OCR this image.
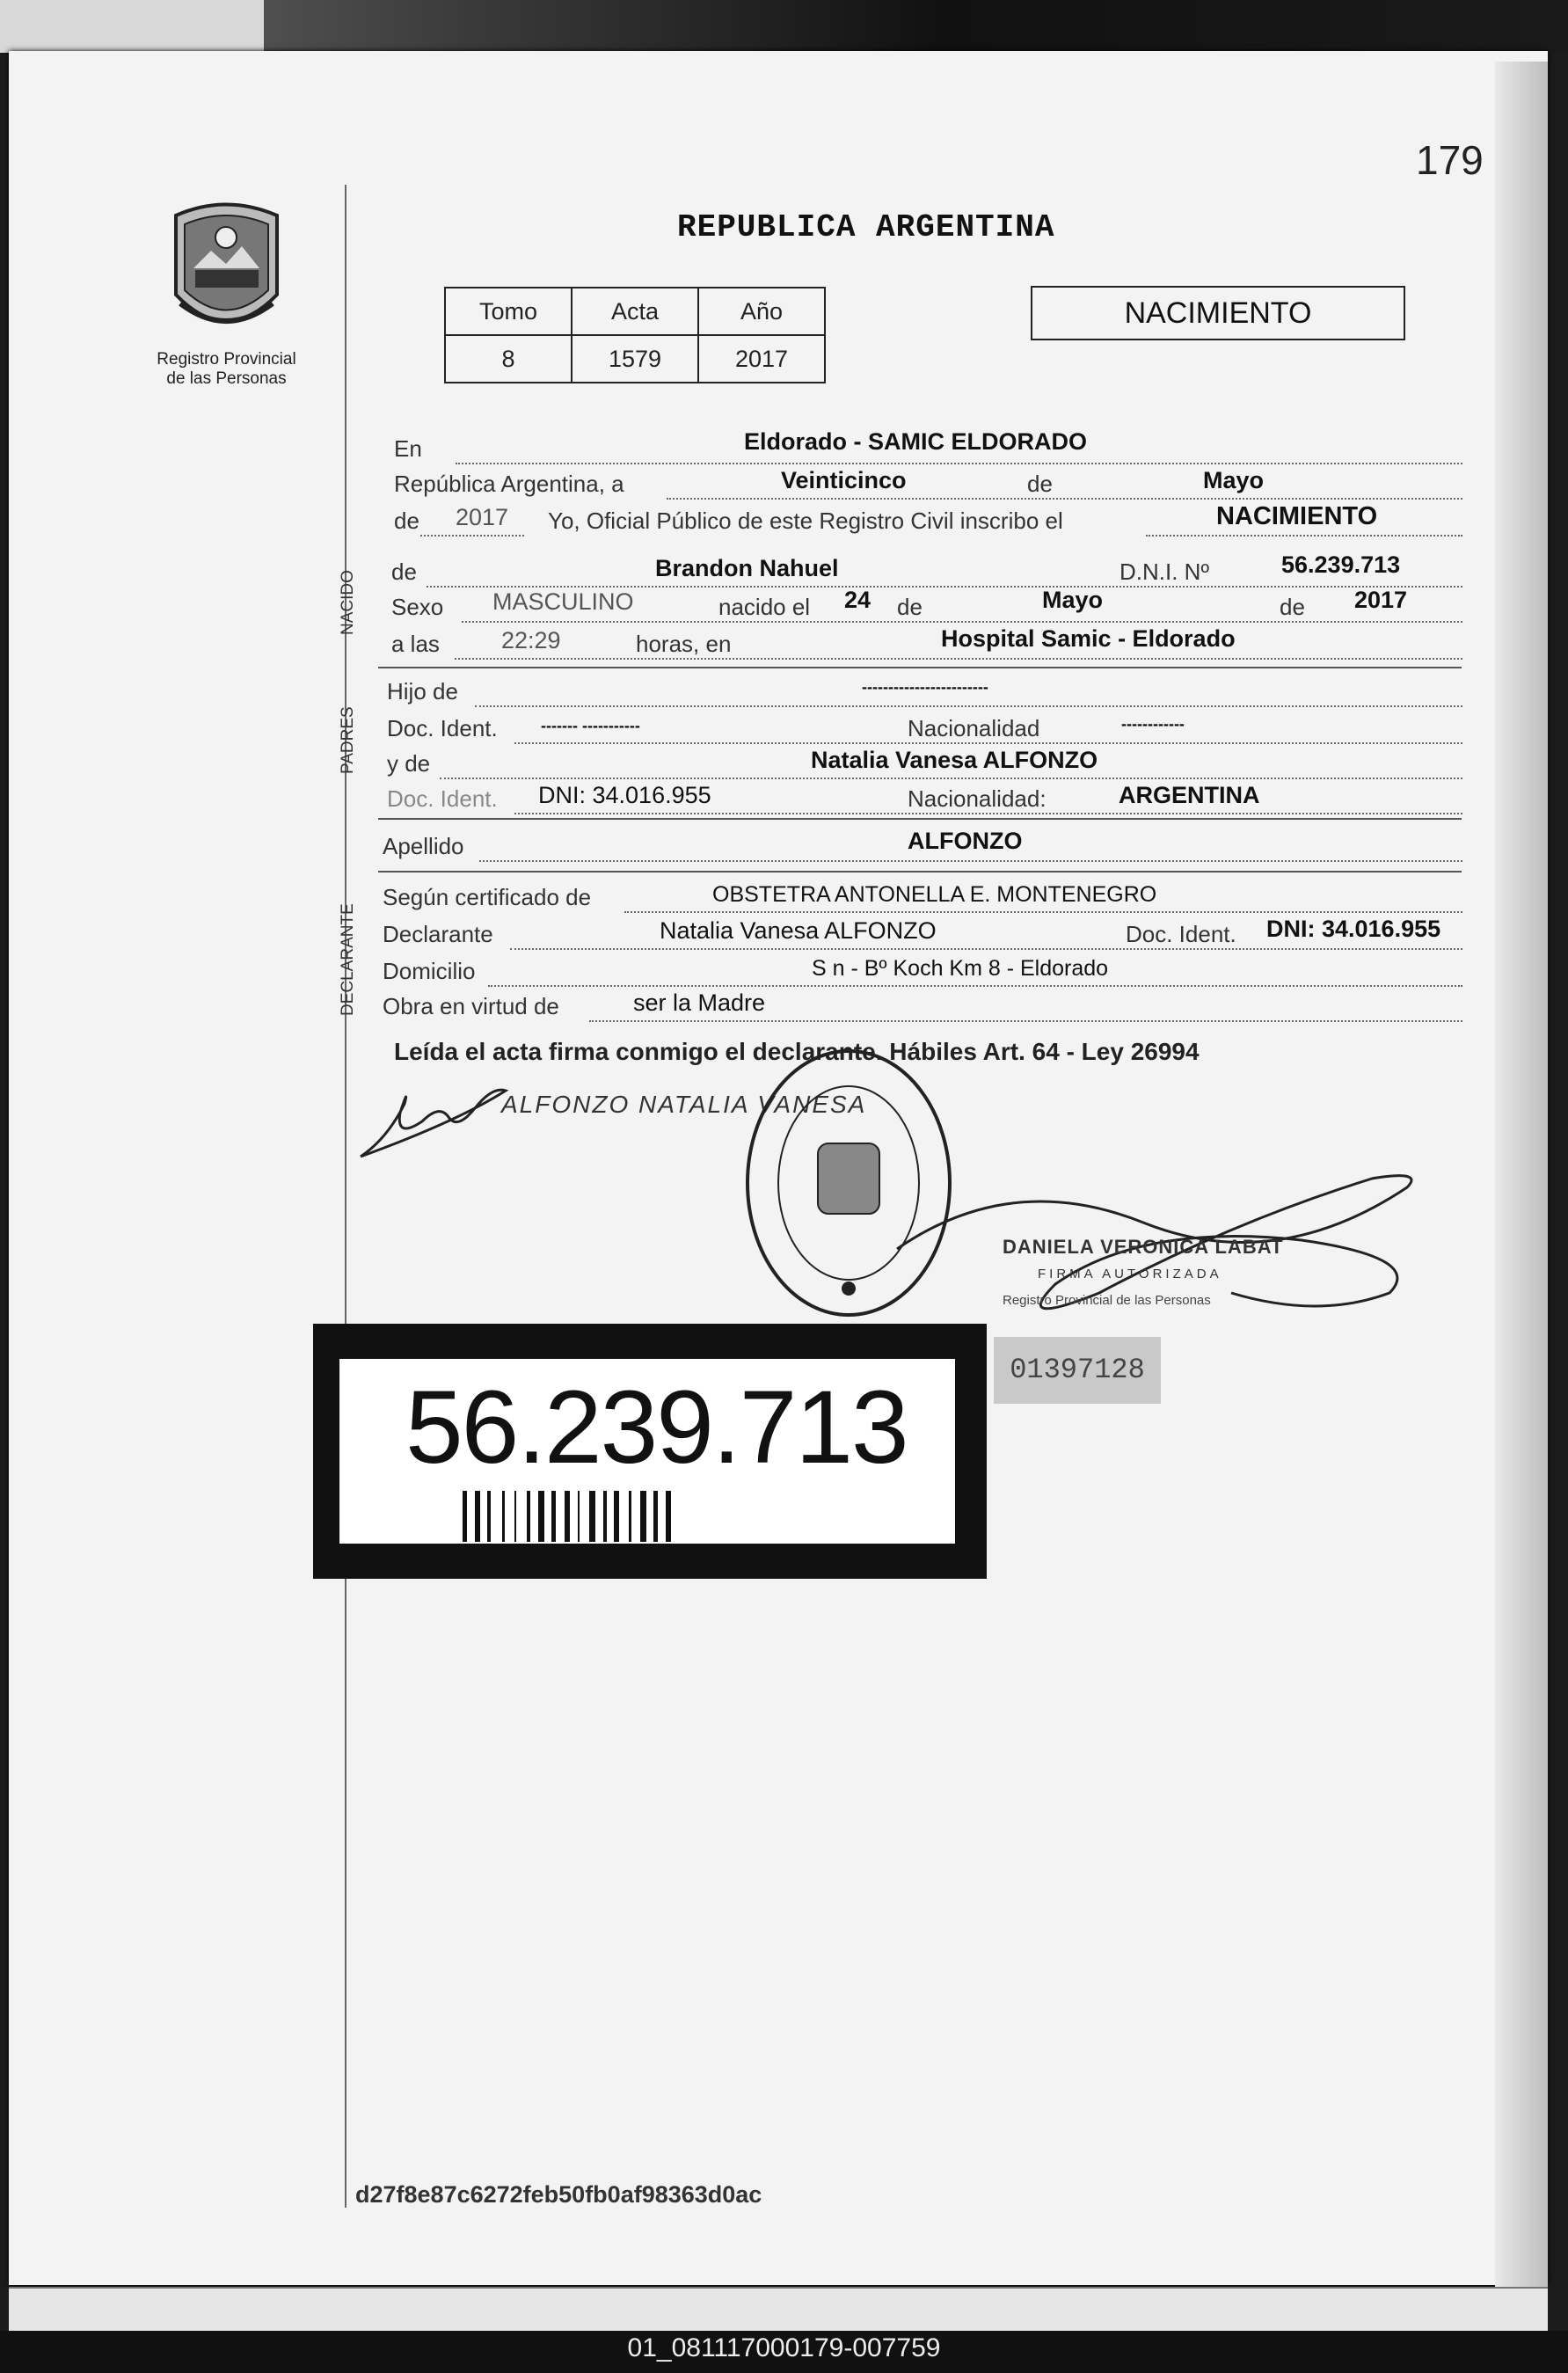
179
Registro Provincial
de las Personas
REPUBLICA ARGENTINA
Tomo	Acta	Año
8	1579	2017
NACIMIENTO
En	Eldorado - SAMIC ELDORADO
República Argentina, a	Veinticinco	de	Mayo
de 2017 Yo, Oficial Público de este Registro Civil inscribo el	NACIMIENTO
NACIDO de	Brandon Nahuel	D.N.I. Nº	56.239.713
Sexo MASCULINO	nacido el 24 de	Mayo	de 2017
a las	22:29	horas, en	Hospital Samic - Eldorado
PADRES
Hijo de	------------------------
Doc. Ident.	------- -----------	Nacionalidad	------------
y de	Natalia Vanesa ALFONZO
Doc. Ident. DNI: 34.016.955	Nacionalidad:	ARGENTINA
Apellido	ALFONZO
DECLARANTE
Según certificado de	OBSTETRA ANTONELLA E. MONTENEGRO
Declarante	Natalia Vanesa ALFONZO	Doc. Ident. DNI: 34.016.955
Domicilio	S n - Bº Koch Km 8 - Eldorado
Obra en virtud de	ser la Madre
Leída el acta firma conmigo el declarante. Hábiles Art. 64 - Ley 26994
ALFONZO NATALIA VANESA
DANIELA VERONICA LABAT
FIRMA AUTORIZADA
Registro Provincial de las Personas
56.239.713	01397128
d27f8e87c6272feb50fb0af98363d0ac
01_081117000179-007759
